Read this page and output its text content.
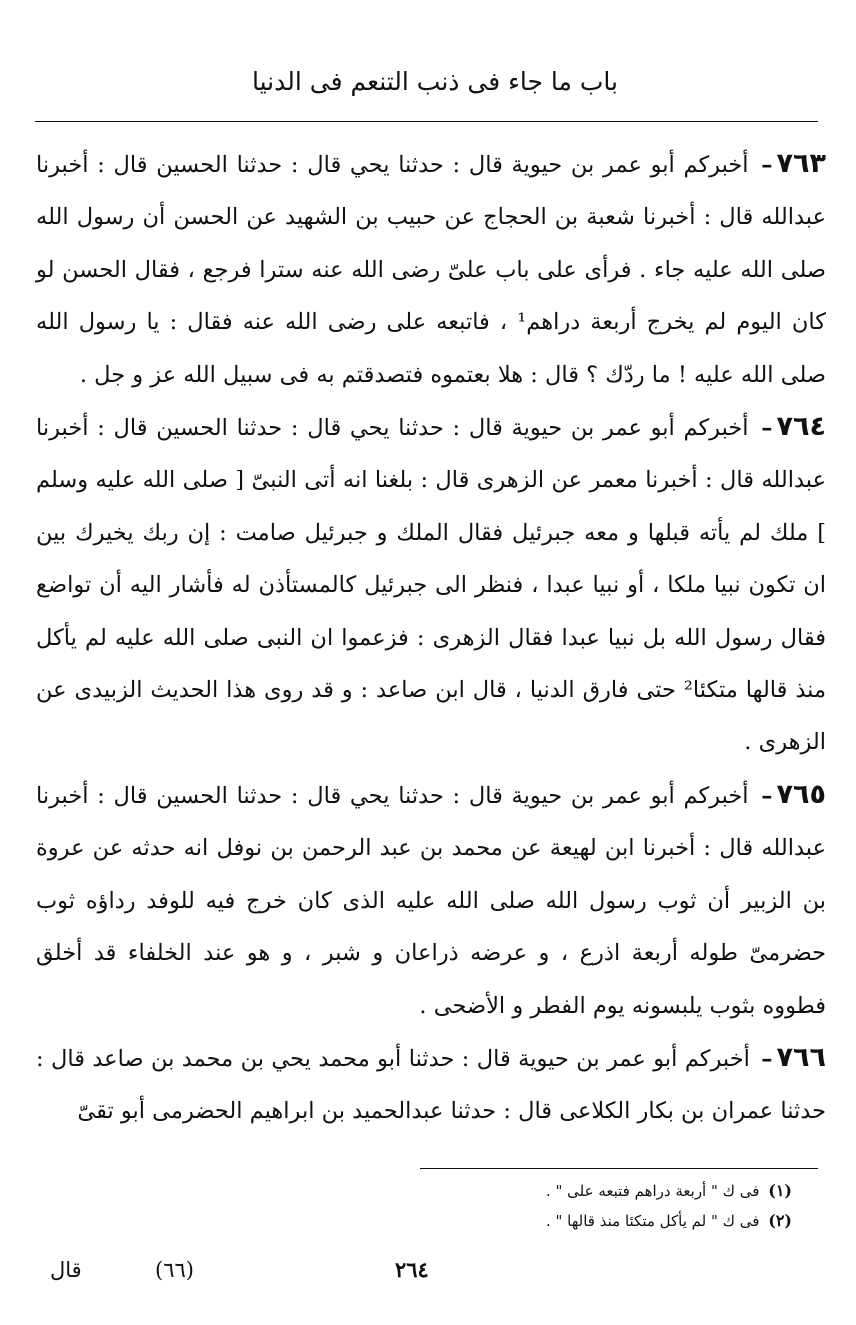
باب ما جاء فى ذنب التنعم فى الدنيا

٧٦٣– أخبركم أبو عمر بن حيوية قال : حدثنا يحي قال : حدثنا الحسين قال : أخبرنا عبدالله قال : أخبرنا شعبة بن الحجاج عن حبيب بن الشهيد عن الحسن أن رسول الله صلى الله عليه جاء . فرأى على باب علىّ رضى الله عنه سترا فرجع ، فقال الحسن لو كان اليوم لم يخرج أربعة دراهم¹ ، فاتبعه على رضى الله عنه فقال : يا رسول الله صلى الله عليه ! ما ردّك ؟ قال : هلا بعتموه فتصدقتم به فى سبيل الله عز و جل .

٧٦٤– أخبركم أبو عمر بن حيوية قال : حدثنا يحي قال : حدثنا الحسين قال : أخبرنا عبدالله قال : أخبرنا معمر عن الزهرى قال : بلغنا انه أتى النبىّ [ صلى الله عليه وسلم ] ملك لم يأته قبلها و معه جبرئيل فقال الملك و جبرئيل صامت : إن ربك يخيرك بين ان تكون نبيا ملكا ، أو نبيا عبدا ، فنظر الى جبرئيل كالمستأذن له فأشار اليه أن تواضع فقال رسول الله بل نبيا عبدا فقال الزهرى : فزعموا ان النبى صلى الله عليه لم يأكل منذ قالها متكئا² حتى فارق الدنيا ، قال ابن صاعد : و قد روى هذا الحديث الزبيدى عن الزهرى .

٧٦٥– أخبركم أبو عمر بن حيوية قال : حدثنا يحي قال : حدثنا الحسين قال : أخبرنا عبدالله قال : أخبرنا ابن لهيعة عن محمد بن عبد الرحمن بن نوفل انه حدثه عن عروة بن الزبير أن ثوب رسول الله صلى الله عليه الذى كان خرج فيه للوفد رداؤه ثوب حضرمىّ طوله أربعة اذرع ، و عرضه ذراعان و شبر ، و هو عند الخلفاء قد أخلق فطووه بثوب يلبسونه يوم الفطر و الأضحى .

٧٦٦– أخبركم أبو عمر بن حيوية قال : حدثنا أبو محمد يحي بن محمد بن صاعد قال : حدثنا عمران بن بكار الكلاعى قال : حدثنا عبدالحميد بن ابراهيم الحضرمى أبو تقىّ

(١) فى ك " أربعة دراهم فتبعه على " .
(٢) فى ك " لم يأكل متكئا منذ قالها " .
قال	(٦٦)	٢٦٤
